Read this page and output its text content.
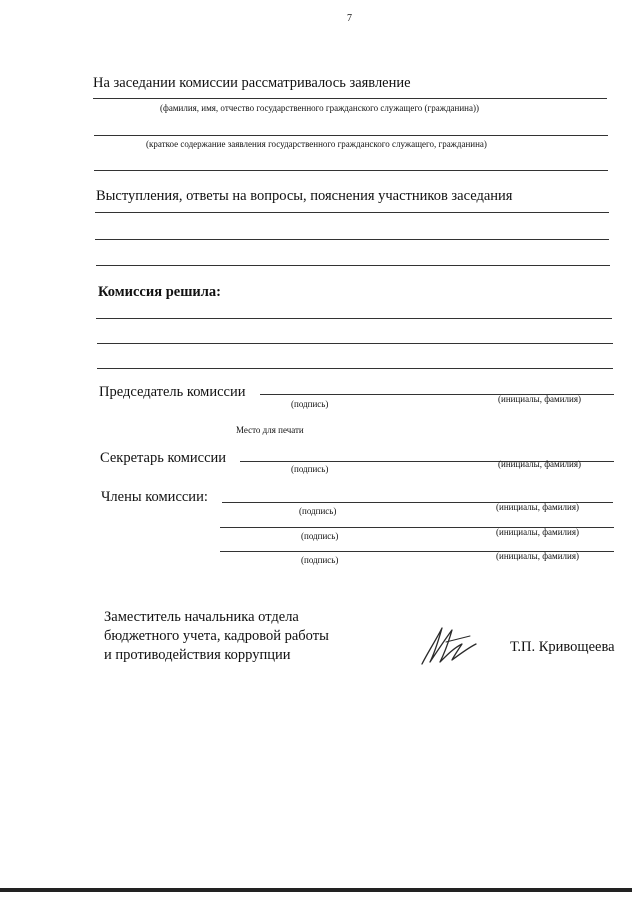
7
На заседании комиссии рассматривалось заявление
(фамилия, имя, отчество государственного гражданского служащего (гражданина))
(краткое содержание заявления государственного гражданского служащего, гражданина)
Выступления, ответы на вопросы, пояснения участников заседания
Комиссия решила:
Председатель комиссии
(подпись)	(инициалы, фамилия)
Место для печати
Секретарь комиссии
(подпись)	(инициалы, фамилия)
Члены комиссии:
(подпись)	(инициалы, фамилия)
(подпись)	(инициалы, фамилия)
(подпись)	(инициалы, фамилия)
Заместитель начальника отдела
бюджетного учета, кадровой работы
и противодействия коррупции	Т.П. Кривощеева
